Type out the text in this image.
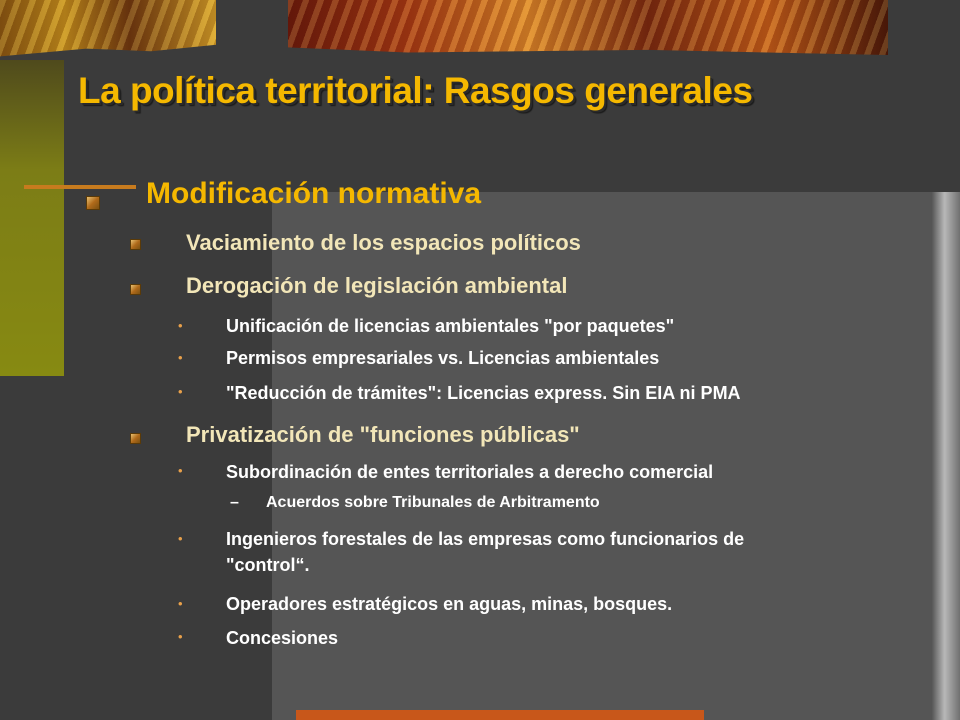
La política territorial: Rasgos generales
Modificación normativa
Vaciamiento de los espacios políticos
Derogación de legislación ambiental
• Unificación de licencias ambientales "por paquetes"
• Permisos empresariales vs. Licencias ambientales
• "Reducción de trámites": Licencias express. Sin EIA ni PMA
Privatización de "funciones públicas"
• Subordinación de entes territoriales a derecho comercial
– Acuerdos sobre Tribunales de Arbitramento
• Ingenieros forestales de las empresas como funcionarios de
"control“.
• Operadores estratégicos en aguas, minas, bosques.
• Concesiones
